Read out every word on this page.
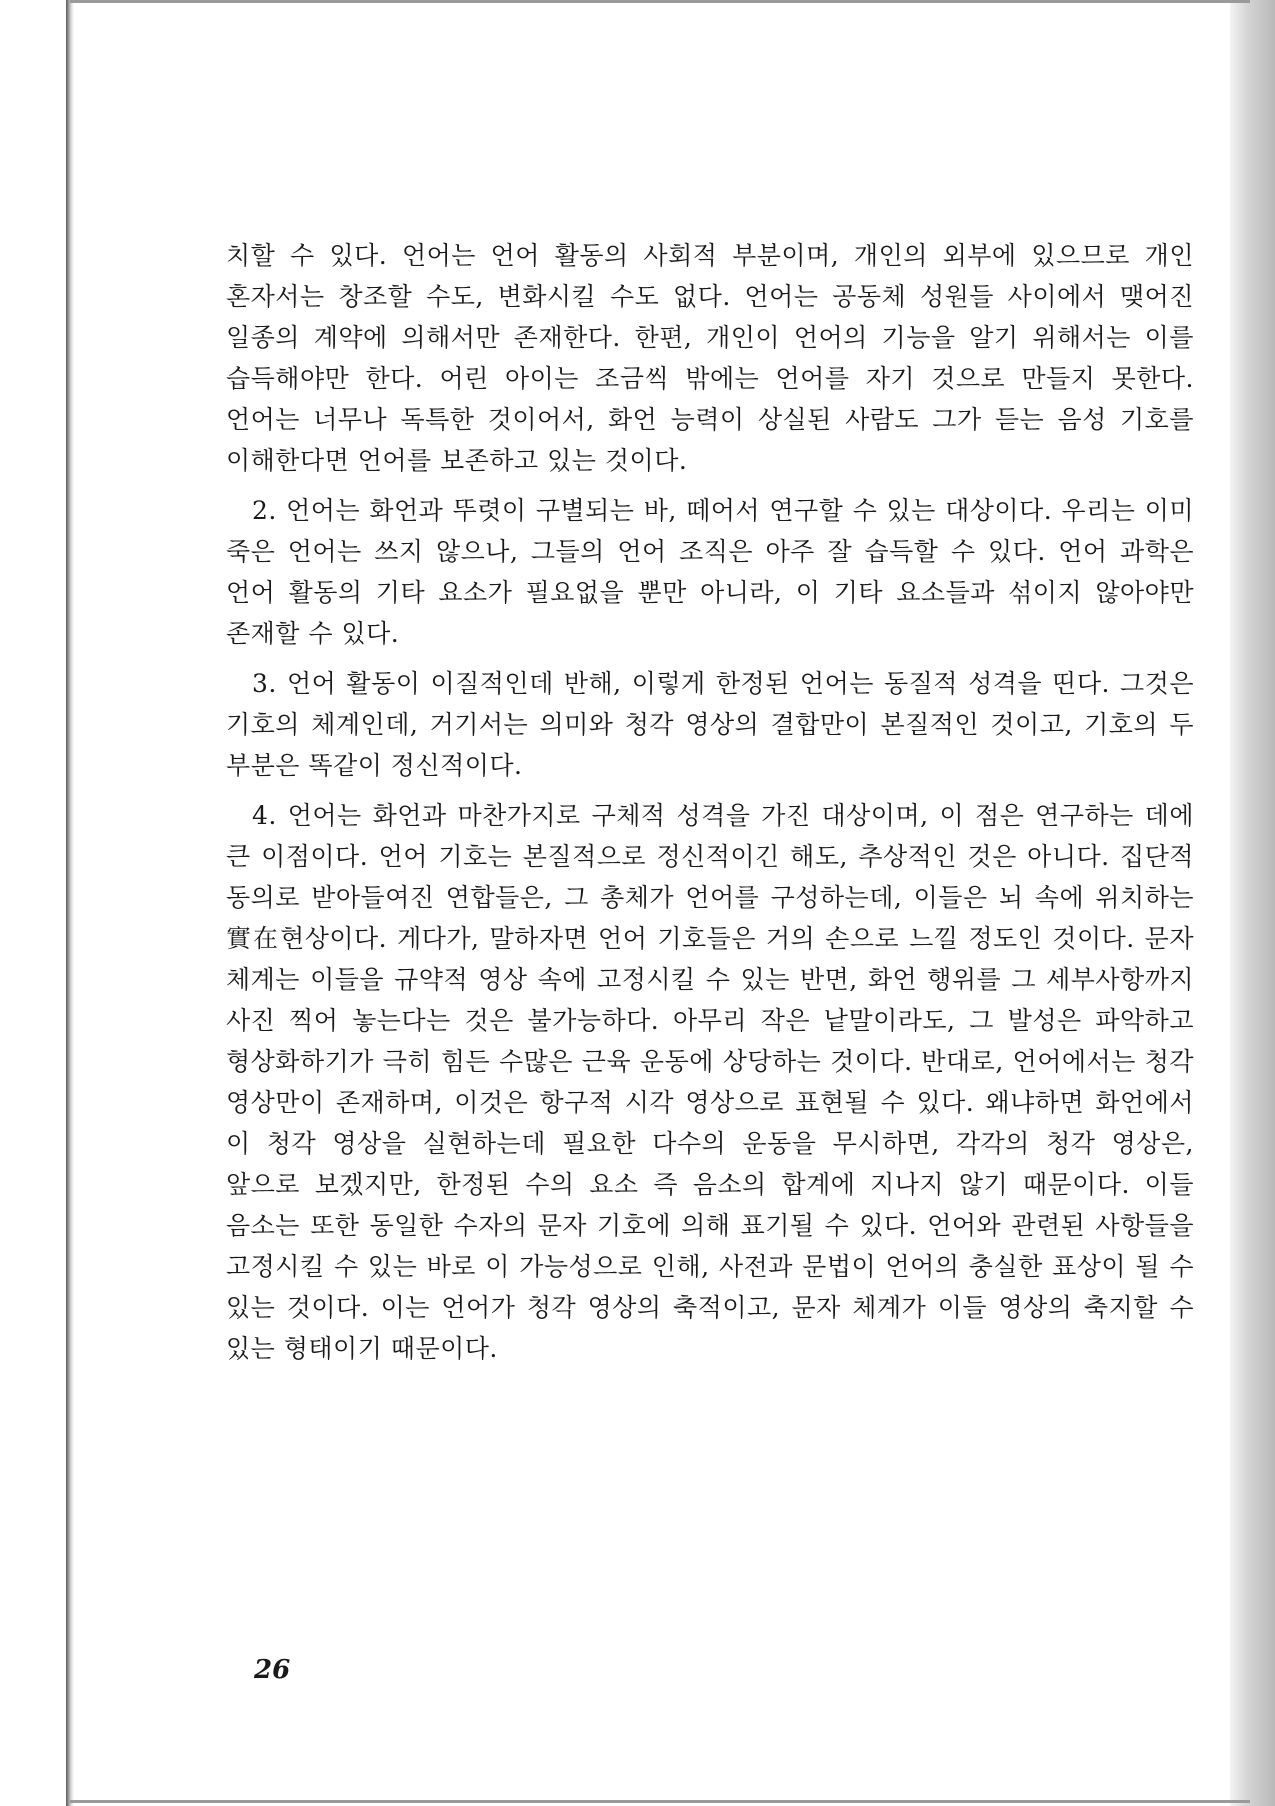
치할 수 있다. 언어는 언어 활동의 사회적 부분이며, 개인의 외부에 있으므로 개인 혼자서는 창조할 수도, 변화시킬 수도 없다. 언어는 공동체 성원들 사이에서 맺어진 일종의 계약에 의해서만 존재한다. 한편, 개인이 언어의 기능을 알기 위해서는 이를 습득해야만 한다. 어린 아이는 조금씩 밖에는 언어를 자기 것으로 만들지 못한다. 언어는 너무나 독특한 것이어서, 화언 능력이 상실된 사람도 그가 듣는 음성 기호를 이해한다면 언어를 보존하고 있는 것이다.

2. 언어는 화언과 뚜렷이 구별되는 바, 떼어서 연구할 수 있는 대상이다. 우리는 이미 죽은 언어는 쓰지 않으나, 그들의 언어 조직은 아주 잘 습득할 수 있다. 언어 과학은 언어 활동의 기타 요소가 필요없을 뿐만 아니라, 이 기타 요소들과 섞이지 않아야만 존재할 수 있다.

3. 언어 활동이 이질적인데 반해, 이렇게 한정된 언어는 동질적 성격을 띤다. 그것은 기호의 체계인데, 거기서는 의미와 청각 영상의 결합만이 본질적인 것이고, 기호의 두 부분은 똑같이 정신적이다.

4. 언어는 화언과 마찬가지로 구체적 성격을 가진 대상이며, 이 점은 연구하는 데에 큰 이점이다. 언어 기호는 본질적으로 정신적이긴 해도, 추상적인 것은 아니다. 집단적 동의로 받아들여진 연합들은, 그 총체가 언어를 구성하는데, 이들은 뇌 속에 위치하는 實在현상이다. 게다가, 말하자면 언어 기호들은 거의 손으로 느낄 정도인 것이다. 문자 체계는 이들을 규약적 영상 속에 고정시킬 수 있는 반면, 화언 행위를 그 세부사항까지 사진 찍어 놓는다는 것은 불가능하다. 아무리 작은 낱말이라도, 그 발성은 파악하고 형상화하기가 극히 힘든 수많은 근육 운동에 상당하는 것이다. 반대로, 언어에서는 청각 영상만이 존재하며, 이것은 항구적 시각 영상으로 표현될 수 있다. 왜냐하면 화언에서 이 청각 영상을 실현하는데 필요한 다수의 운동을 무시하면, 각각의 청각 영상은, 앞으로 보겠지만, 한정된 수의 요소 즉 음소의 합계에 지나지 않기 때문이다. 이들 음소는 또한 동일한 수자의 문자 기호에 의해 표기될 수 있다. 언어와 관련된 사항들을 고정시킬 수 있는 바로 이 가능성으로 인해, 사전과 문법이 언어의 충실한 표상이 될 수 있는 것이다. 이는 언어가 청각 영상의 축적이고, 문자 체계가 이들 영상의 축지할 수 있는 형태이기 때문이다.

26
